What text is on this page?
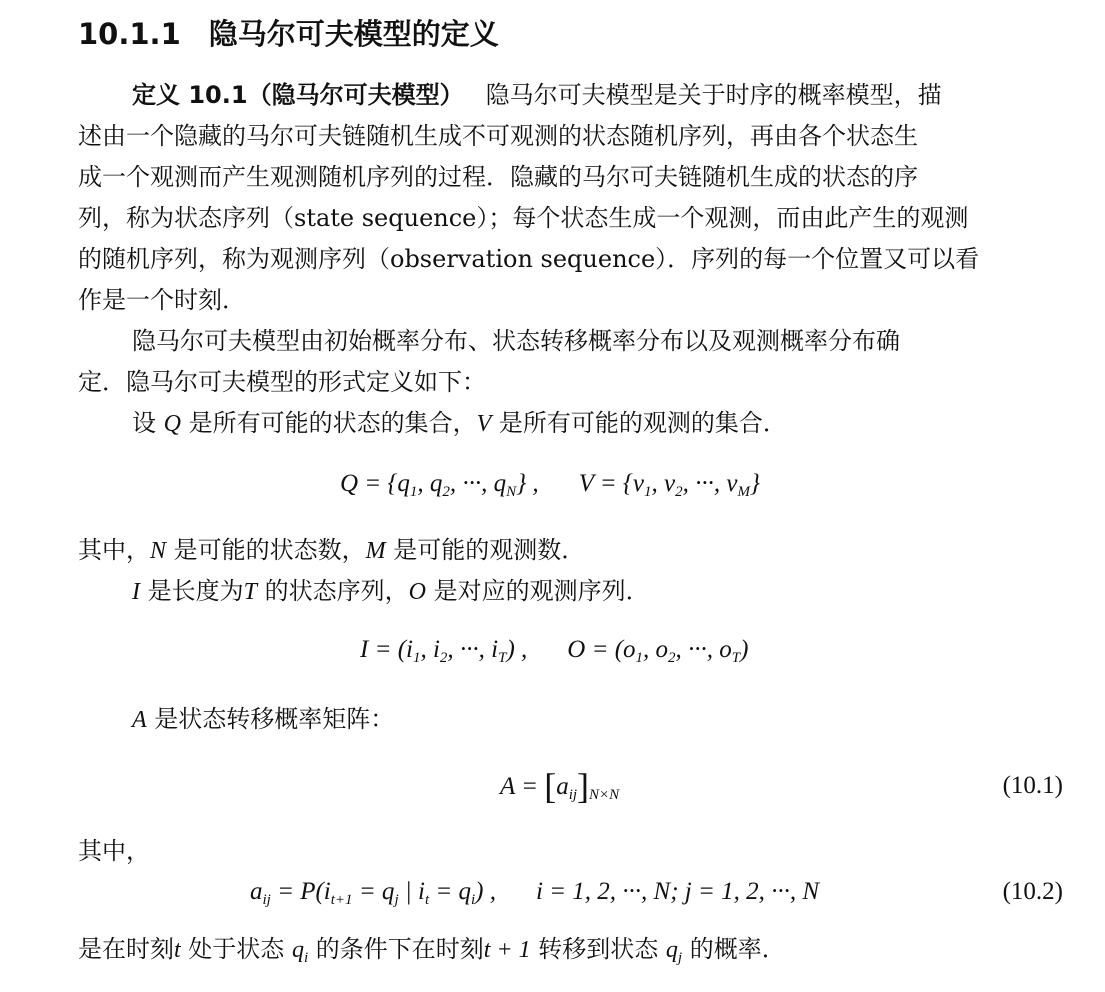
10.1.1 隐马尔可夫模型的定义
定义 10.1（隐马尔可夫模型） 隐马尔可夫模型是关于时序的概率模型，描
述由一个隐藏的马尔可夫链随机生成不可观测的状态随机序列，再由各个状态生
成一个观测而产生观测随机序列的过程．隐藏的马尔可夫链随机生成的状态的序
列，称为状态序列（state sequence）；每个状态生成一个观测，而由此产生的观测
的随机序列，称为观测序列（observation sequence）．序列的每一个位置又可以看
作是一个时刻．
隐马尔可夫模型由初始概率分布、状态转移概率分布以及观测概率分布确
定．隐马尔可夫模型的形式定义如下：
设 Q 是所有可能的状态的集合，V 是所有可能的观测的集合．
$Q = \{q_1$, $q_2$, ···, $q_N$} , $V = \{v_1$, $v_2$, ···, $v_M$}
其中，N 是可能的状态数，M 是可能的观测数．
I 是长度为T 的状态序列，O 是对应的观测序列．
$I = (i_1$, $i_2$, ···, $i_T$) , $O = (o_1$, $o_2$, ···, $o_T$)
A 是状态转移概率矩阵：
$A = [a_{ij}]_{N\times N}$	(10.1)
其中，
$a_{ij} = P(i_{t+1} = q_j$ | $i_t = q_i$) , i = 1, 2, ···, N; j = 1, 2, ···, N	(10.2)
是在时刻t 处于状态 $q_i$ 的条件下在时刻t + 1 转移到状态 $q_j$ 的概率．
